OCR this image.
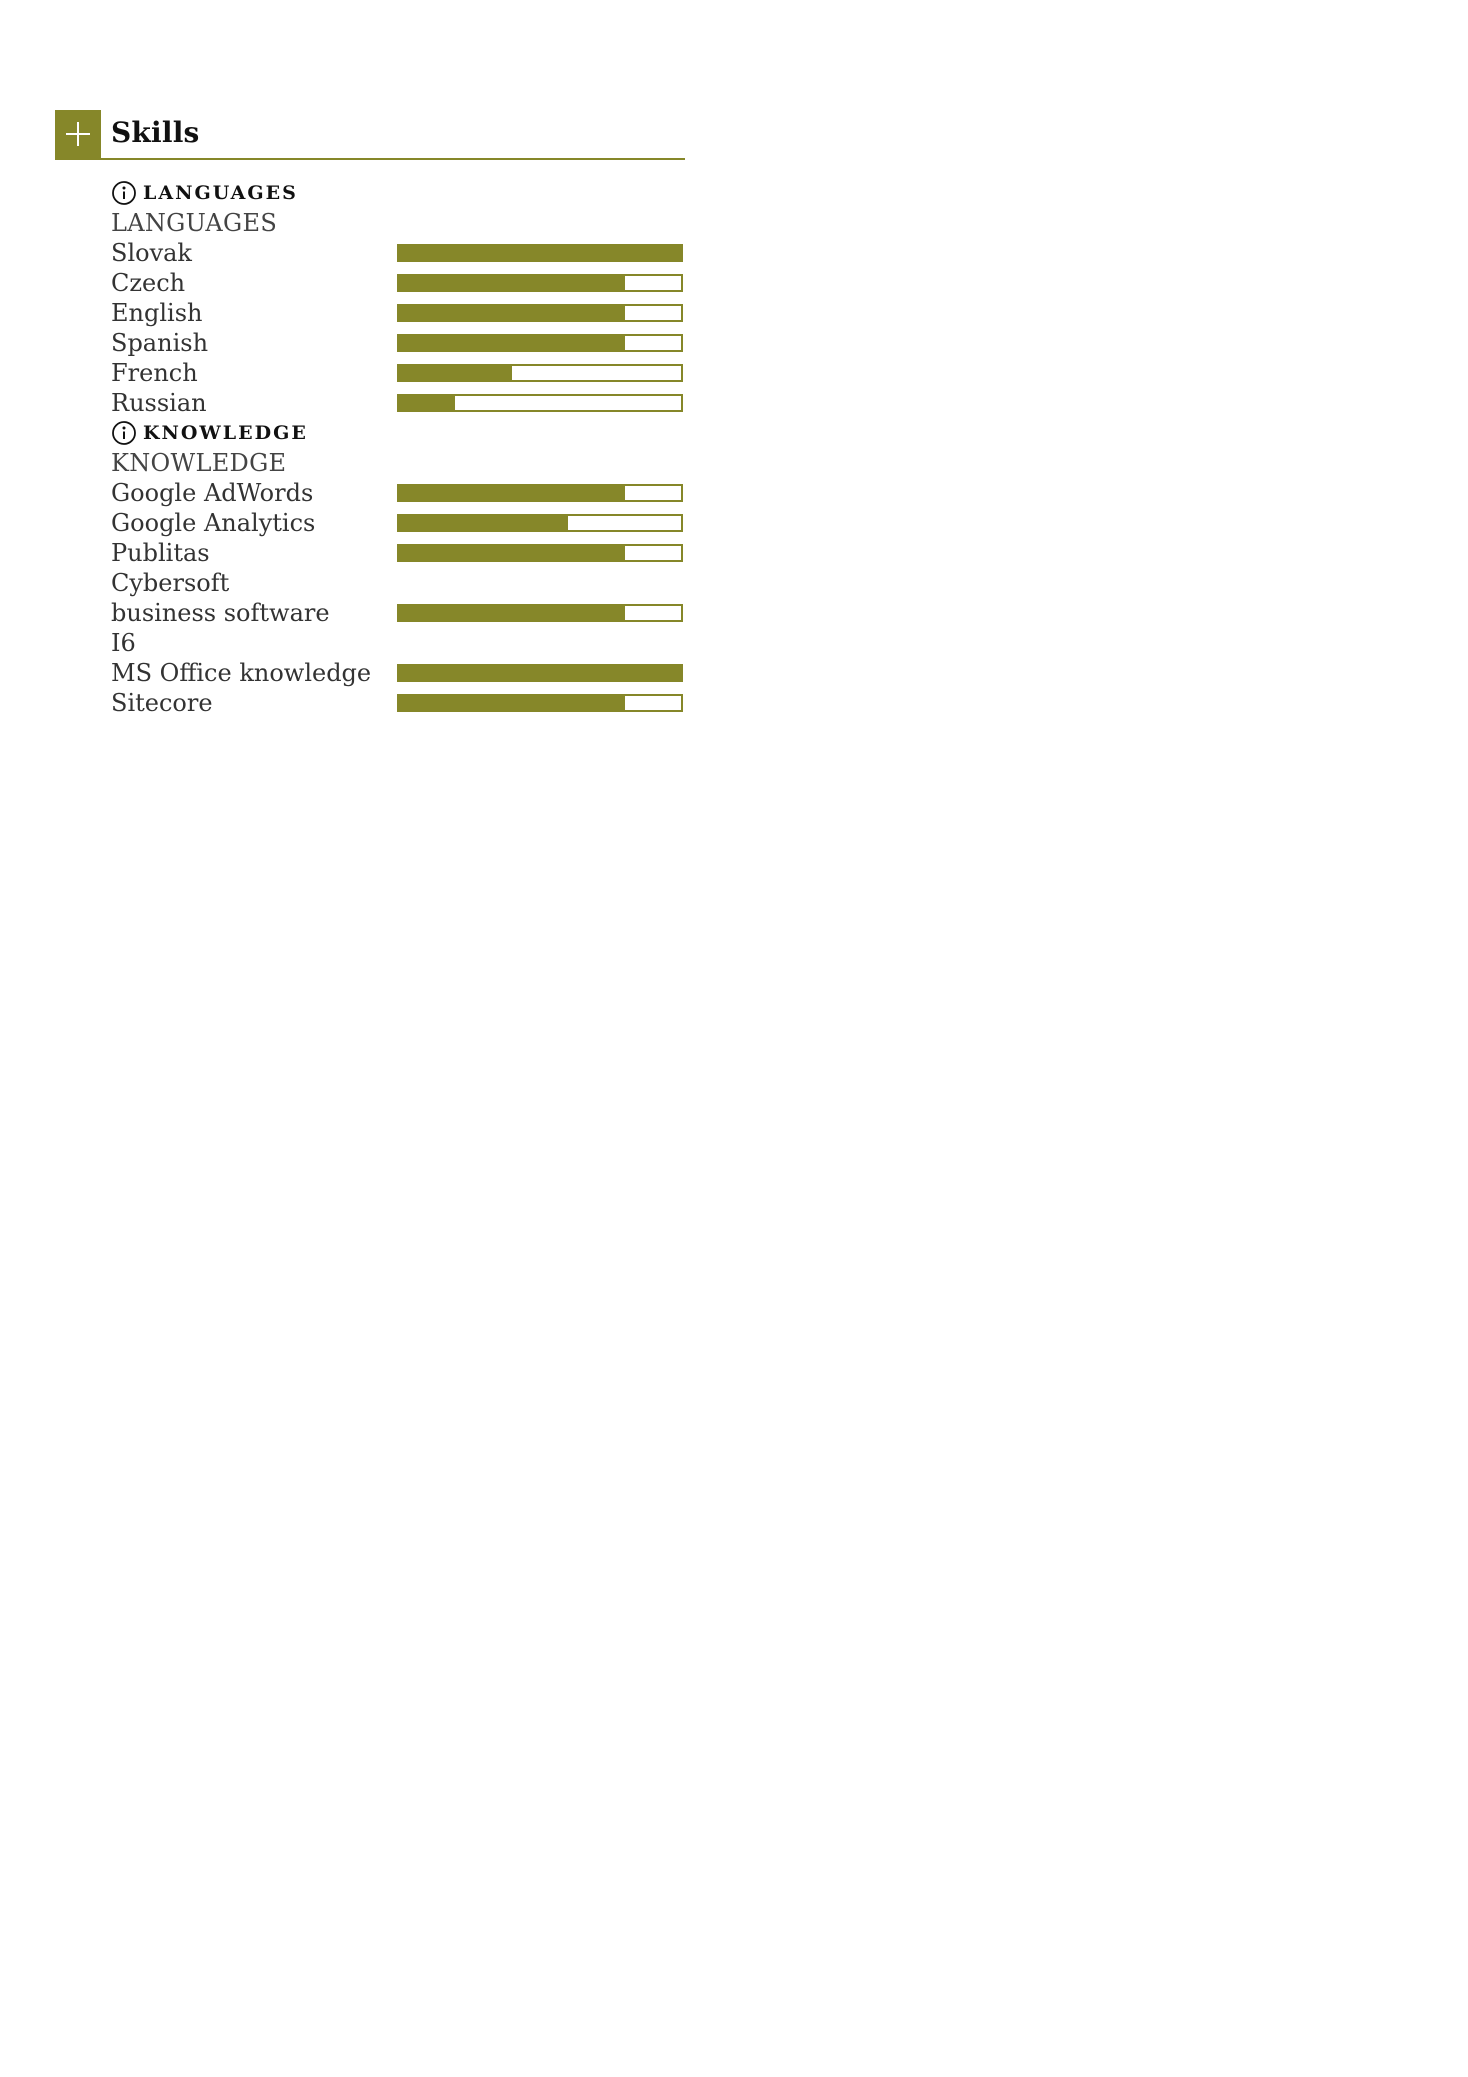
Skills
LANGUAGES
LANGUAGES
Slovak
Czech
English
Spanish
French
Russian
KNOWLEDGE
KNOWLEDGE
Google AdWords
Google Analytics
Publitas
Cybersoft business software I6
MS Office knowledge
Sitecore
